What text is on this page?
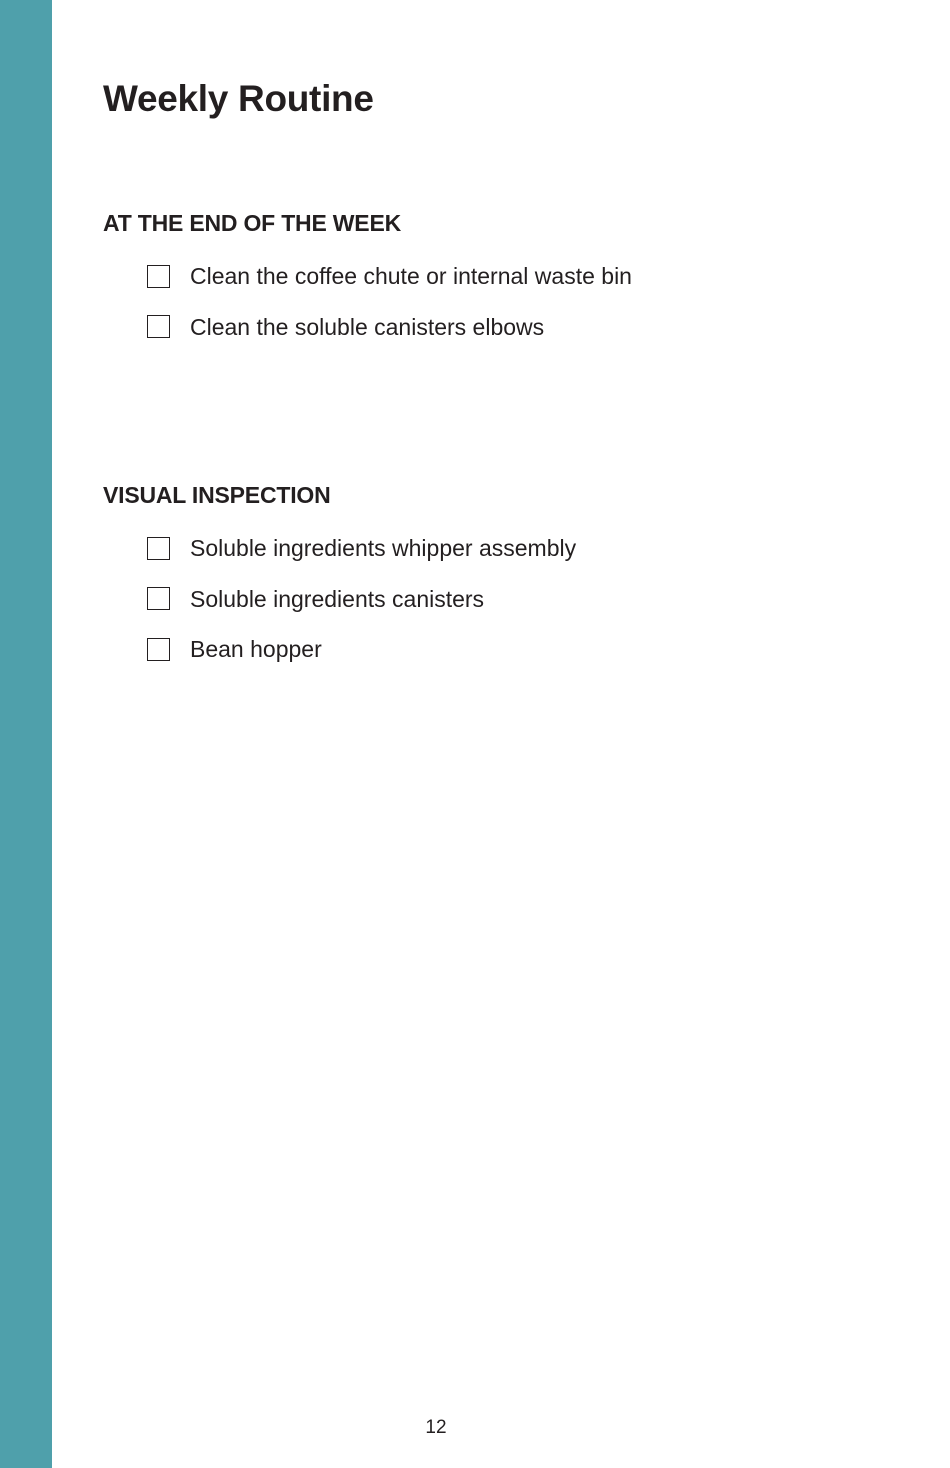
Weekly Routine
AT THE END OF THE WEEK
Clean the coffee chute or internal waste bin
Clean the soluble canisters elbows
VISUAL INSPECTION
Soluble ingredients whipper assembly
Soluble ingredients canisters
Bean hopper
12
